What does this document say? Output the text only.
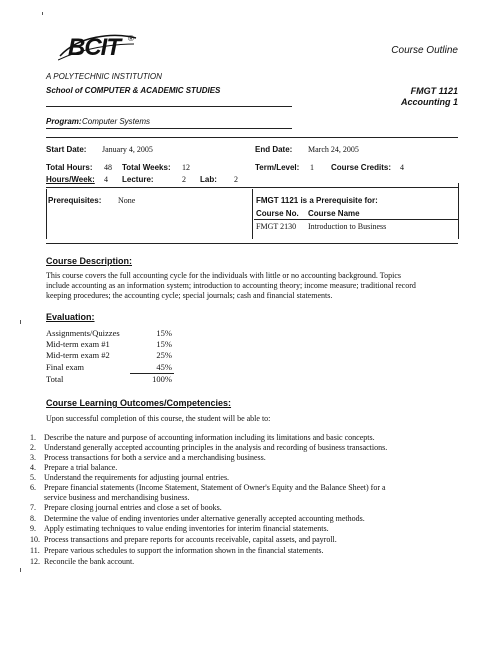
BCIT ®
A POLYTECHNIC INSTITUTION
School of COMPUTER & ACADEMIC STUDIES
Course Outline
FMGT 1121
Accounting 1
Program: Computer Systems
Start Date: January 4, 2005	End Date: March 24, 2005
Total Hours: 48 Total Weeks: 12	Term/Level: 1 Course Credits: 4
Hours/Week: 4 Lecture:	2 Lab: 2
Prerequisites: None	FMGT 1121 is a Prerequisite for:
Course No. Course Name
FMGT 2130 Introduction to Business
Course Description:
This course covers the full accounting cycle for the individuals with little or no accounting background. Topics
include accounting as an information system; introduction to accounting theory; income measure; traditional record
keeping procedures; the accounting cycle; special journals; cash and financial statements.
Evaluation:
Assignments/Quizzes	15%
Mid-term exam #1	15%
Mid-term exam #2	25%
Final exam	45%
Total	100%
Course Learning Outcomes/Competencies:
Upon successful completion of this course, the student will be able to:
1. Describe the nature and purpose of accounting information including its limitations and basic concepts.
2. Understand generally accepted accounting principles in the analysis and recording of business transactions.
3. Process transactions for both a service and a merchandising business.
4. Prepare a trial balance.
5. Understand the requirements for adjusting journal entries.
6. Prepare financial statements (Income Statement, Statement of Owner's Equity and the Balance Sheet) for a
service business and merchandising business.
7. Prepare closing journal entries and close a set of books.
8. Determine the value of ending inventories under alternative generally accepted accounting methods.
9. Apply estimating techniques to value ending inventories for interim financial statements.
10. Process transactions and prepare reports for accounts receivable, capital assets, and payroll.
11. Prepare various schedules to support the information shown in the financial statements.
12. Reconcile the bank account.
